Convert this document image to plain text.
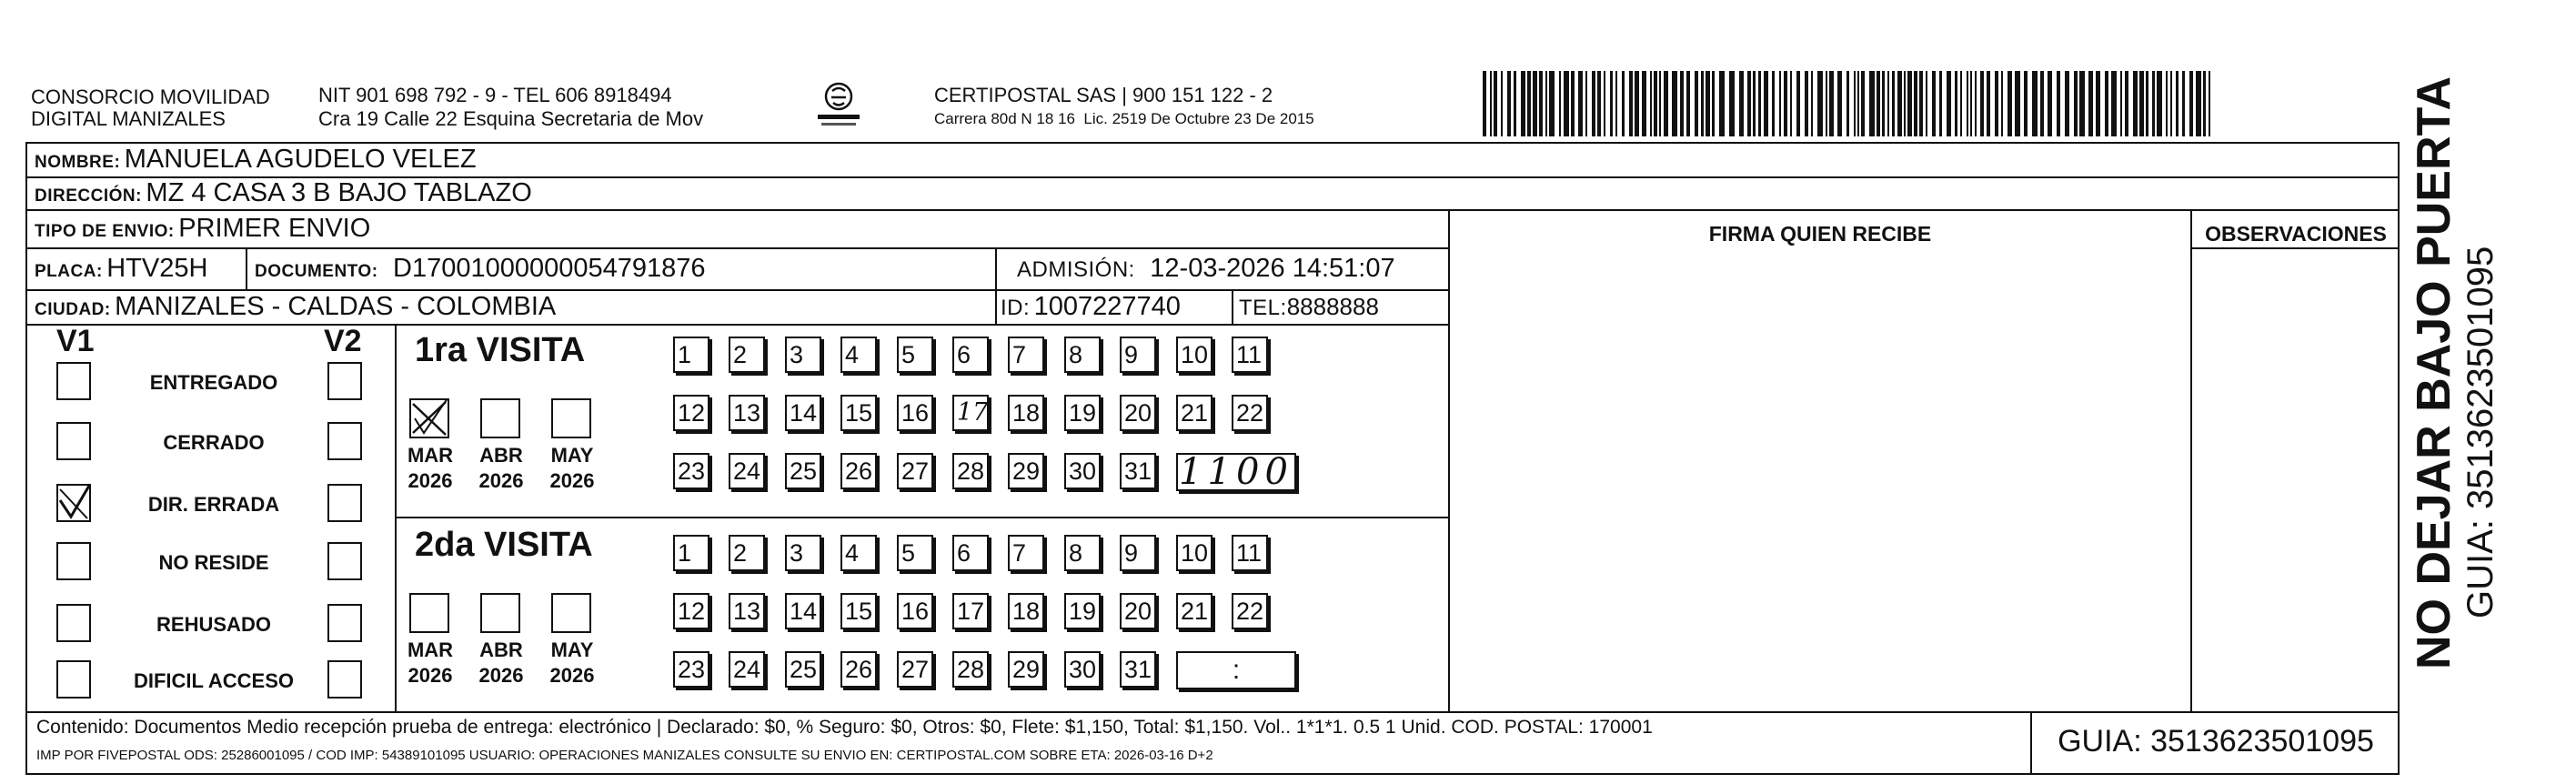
CONSORCIO MOVILIDAD
DIGITAL MANIZALES
NIT 901 698 792 - 9 - TEL 606 8918494
Cra 19 Calle 22 Esquina Secretaria de Mov
CERTIPOSTAL SAS | 900 151 122 - 2
Carrera 80d N 18 16  Lic. 2519 De Octubre 23 De 2015
NOMBRE: MANUELA AGUDELO VELEZ
DIRECCIÓN: MZ 4 CASA 3 B BAJO TABLAZO
TIPO DE ENVIO: PRIMER ENVIO
PLACA: HTV25H	DOCUMENTO: D17001000000054791876	ADMISIÓN: 12-03-2026 14:51:07
CIUDAD: MANIZALES - CALDAS - COLOMBIA	ID: 1007227740	TEL:8888888
FIRMA QUIEN RECIBE	OBSERVACIONES
V1	V2
ENTREGADO
CERRADO
DIR. ERRADA
NO RESIDE
REHUSADO
DIFICIL ACCESO
1ra VISITA
MAR
2026
ABR
2026
MAY
2026
1	2	3	4	5	6	7	8	9	10 11
12 13 14 15 16 17 18 19 20 21 22
23 24 25 26 27 28 29 30 31 1100
2da VISITA
MAR
2026
ABR
2026
MAY
2026
1	2	3	4	5	6	7	8	9	10 11
12 13 14 15 16 17 18 19 20 21 22
23 24 25 26 27 28 29 30 31	:
Contenido: Documentos Medio recepción prueba de entrega: electrónico | Declarado: $0, % Seguro: $0, Otros: $0, Flete: $1,150, Total: $1,150. Vol.. 1*1*1. 0.5 1 Unid. COD. POSTAL: 170001
IMP POR FIVEPOSTAL ODS: 25286001095 / COD IMP: 54389101095 USUARIO: OPERACIONES MANIZALES CONSULTE SU ENVIO EN: CERTIPOSTAL.COM SOBRE ETA: 2026-03-16 D+2	GUIA: 3513623501095
NO DEJAR BAJO PUERTA GUIA: 3513623501095
